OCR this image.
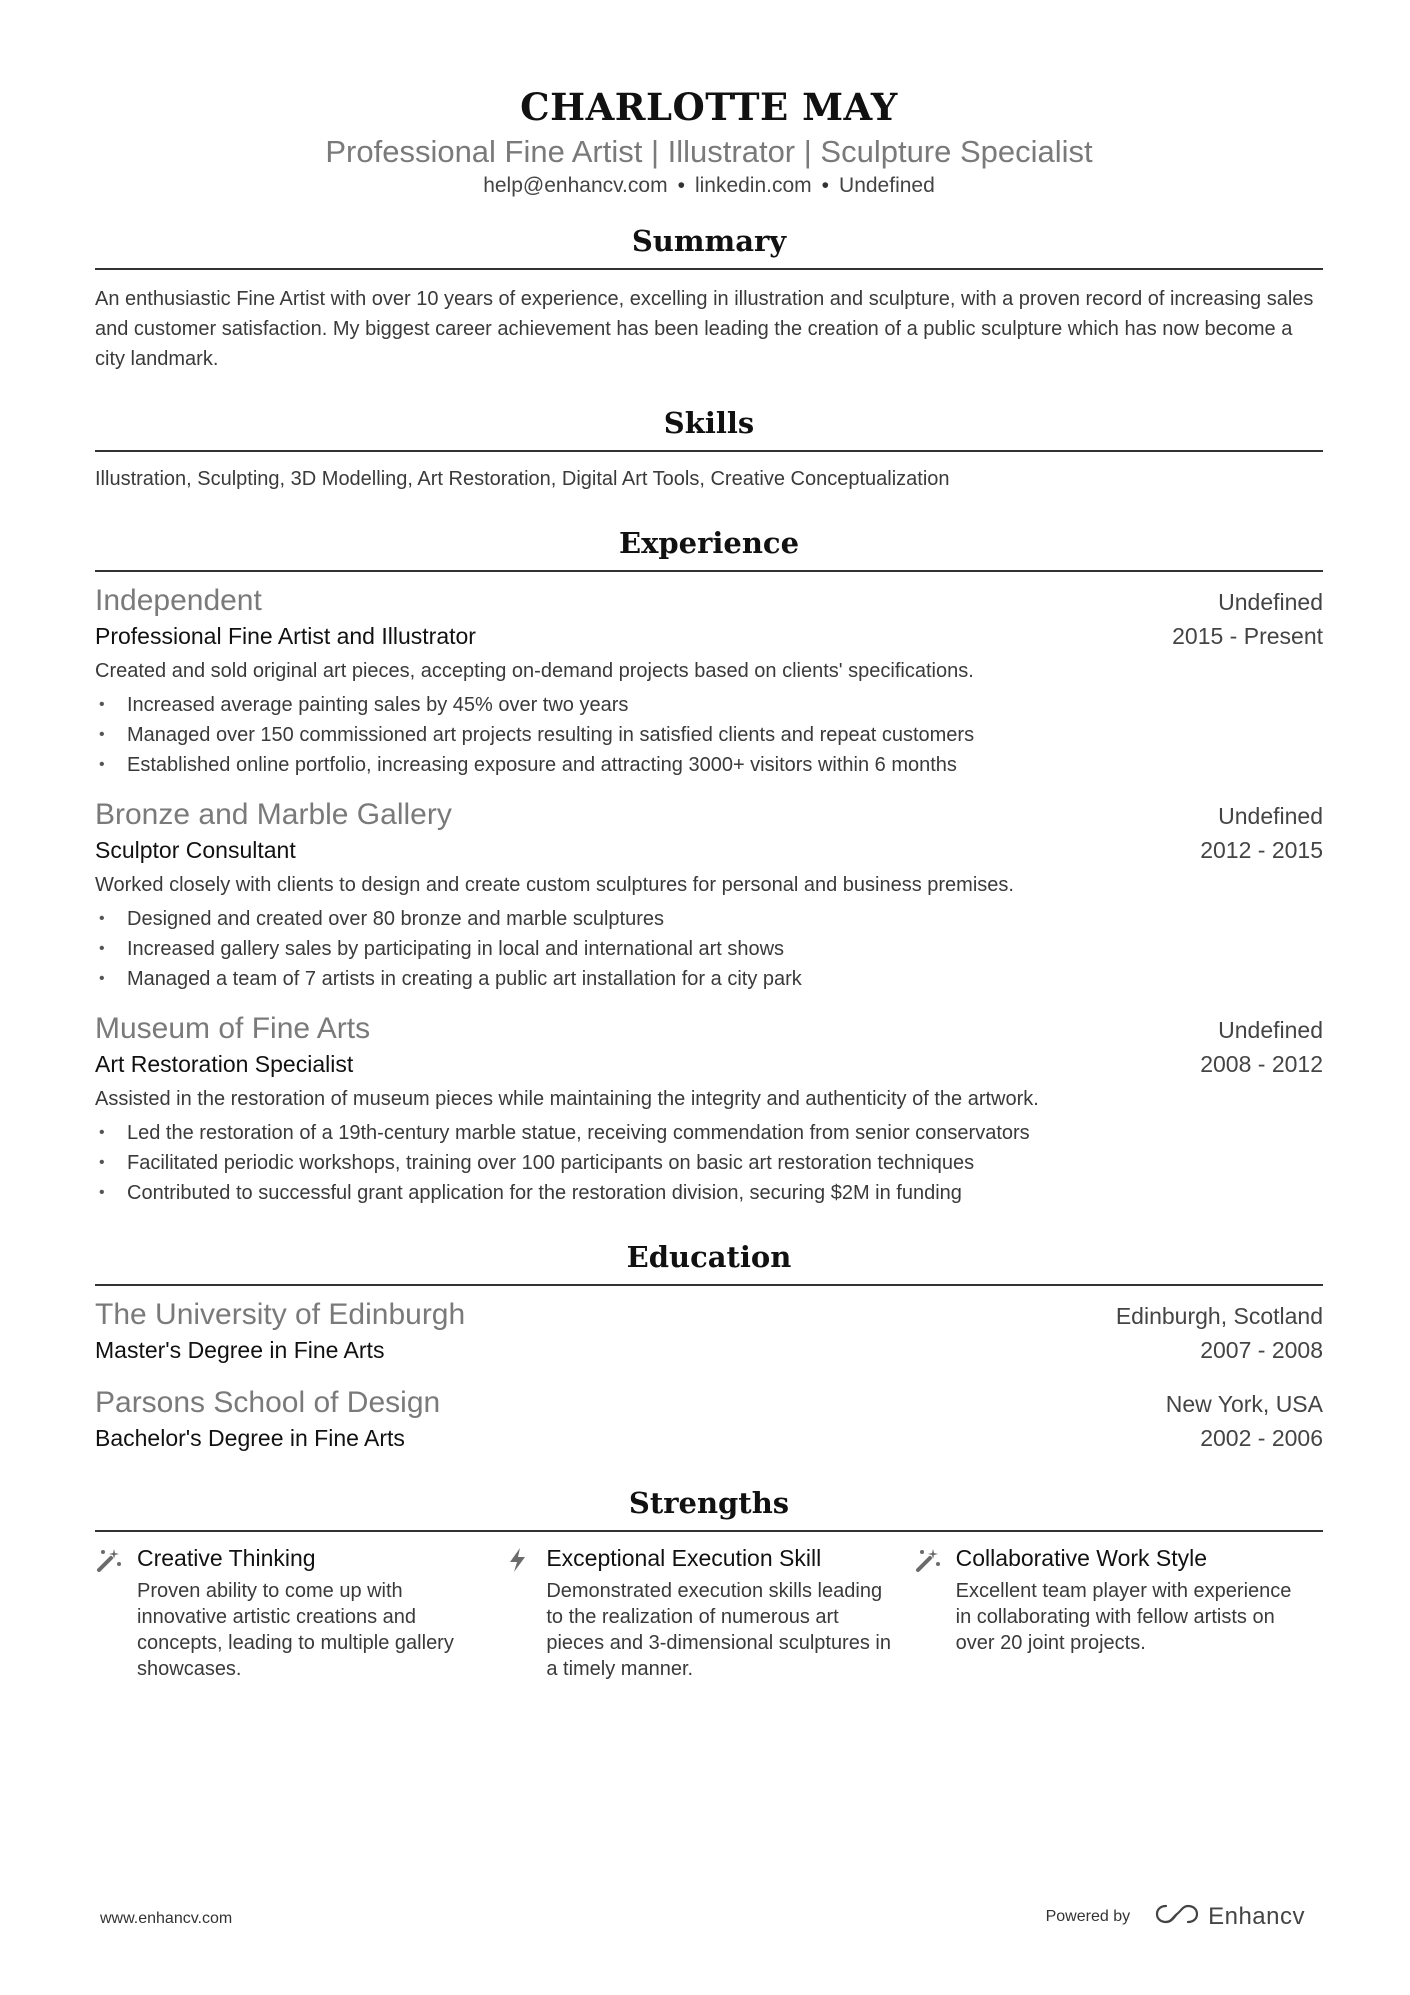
CHARLOTTE MAY
Professional Fine Artist | Illustrator | Sculpture Specialist
help@enhancv.com • linkedin.com • Undefined
Summary
An enthusiastic Fine Artist with over 10 years of experience, excelling in illustration and sculpture, with a proven record of increasing sales and customer satisfaction. My biggest career achievement has been leading the creation of a public sculpture which has now become a city landmark.
Skills
Illustration, Sculpting, 3D Modelling, Art Restoration, Digital Art Tools, Creative Conceptualization
Experience
Independent	Undefined
Professional Fine Artist and Illustrator	2015 - Present
Created and sold original art pieces, accepting on-demand projects based on clients' specifications.
• Increased average painting sales by 45% over two years
• Managed over 150 commissioned art projects resulting in satisfied clients and repeat customers
• Established online portfolio, increasing exposure and attracting 3000+ visitors within 6 months
Bronze and Marble Gallery	Undefined
Sculptor Consultant	2012 - 2015
Worked closely with clients to design and create custom sculptures for personal and business premises.
• Designed and created over 80 bronze and marble sculptures
• Increased gallery sales by participating in local and international art shows
• Managed a team of 7 artists in creating a public art installation for a city park
Museum of Fine Arts	Undefined
Art Restoration Specialist	2008 - 2012
Assisted in the restoration of museum pieces while maintaining the integrity and authenticity of the artwork.
• Led the restoration of a 19th-century marble statue, receiving commendation from senior conservators
• Facilitated periodic workshops, training over 100 participants on basic art restoration techniques
• Contributed to successful grant application for the restoration division, securing $2M in funding
Education
The University of Edinburgh	Edinburgh, Scotland
Master's Degree in Fine Arts	2007 - 2008
Parsons School of Design	New York, USA
Bachelor's Degree in Fine Arts	2002 - 2006
Strengths
Creative Thinking
Proven ability to come up with innovative artistic creations and concepts, leading to multiple gallery showcases.
Exceptional Execution Skill
Demonstrated execution skills leading to the realization of numerous art pieces and 3-dimensional sculptures in a timely manner.
Collaborative Work Style
Excellent team player with experience in collaborating with fellow artists on over 20 joint projects.
www.enhancv.com	Powered by	Enhancv
